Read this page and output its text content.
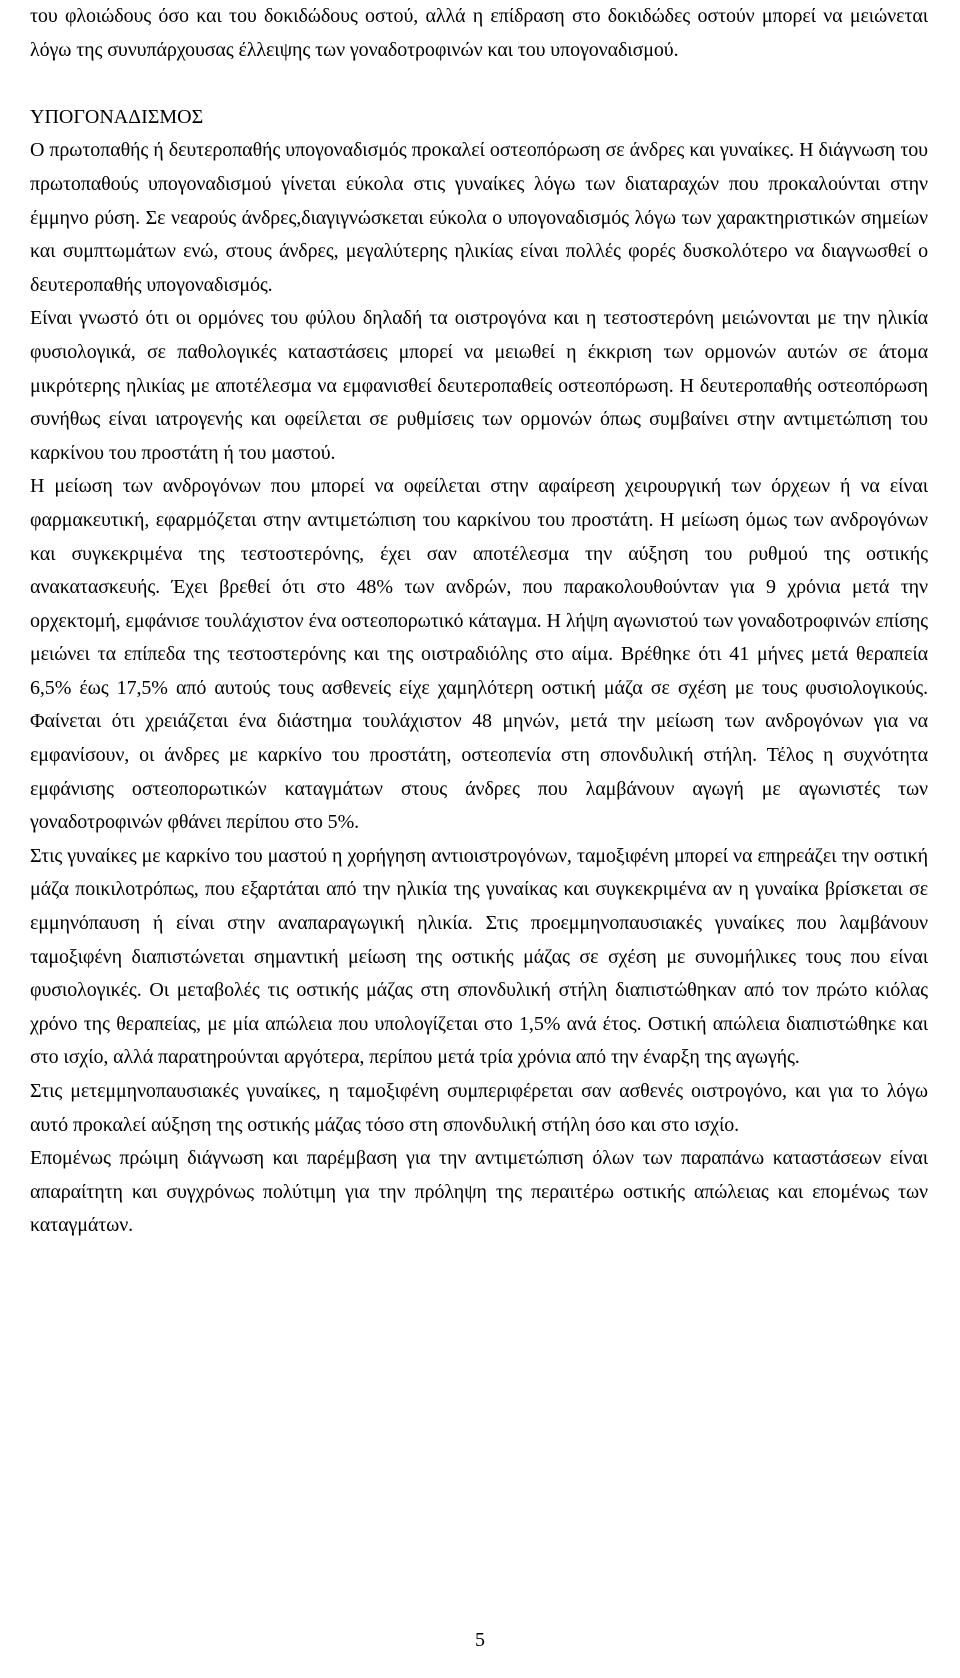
του φλοιώδους όσο και του δοκιδώδους οστού, αλλά η επίδραση στο δοκιδώδες οστούν μπορεί να μειώνεται λόγω της συνυπάρχουσας έλλειψης των γοναδοτροφινών και του υπογοναδισμού.

ΥΠΟΓΟΝΑΔΙΣΜΟΣ

Ο πρωτοπαθής ή δευτεροπαθής υπογοναδισμός προκαλεί οστεοπόρωση σε άνδρες και γυναίκες. Η διάγνωση του πρωτοπαθούς υπογοναδισμού γίνεται εύκολα στις γυναίκες λόγω των διαταραχών που προκαλούνται στην έμμηνο ρύση. Σε νεαρούς άνδρες,διαγιγνώσκεται εύκολα ο υπογοναδισμός λόγω των χαρακτηριστικών σημείων και συμπτωμάτων ενώ, στους άνδρες, μεγαλύτερης ηλικίας είναι πολλές φορές δυσκολότερο να διαγνωσθεί ο δευτεροπαθής υπογοναδισμός.

Είναι γνωστό ότι οι ορμόνες του φύλου δηλαδή τα οιστρογόνα και η τεστοστερόνη μειώνονται με την ηλικία φυσιολογικά, σε παθολογικές καταστάσεις μπορεί να μειωθεί η έκκριση των ορμονών αυτών σε άτομα μικρότερης ηλικίας με αποτέλεσμα να εμφανισθεί δευτεροπαθείς οστεοπόρωση. Η δευτεροπαθής οστεοπόρωση συνήθως είναι ιατρογενής και οφείλεται σε ρυθμίσεις των ορμονών όπως συμβαίνει στην αντιμετώπιση του καρκίνου του προστάτη ή του μαστού.

Η μείωση των ανδρογόνων που μπορεί να οφείλεται στην αφαίρεση χειρουργική των όρχεων ή να είναι φαρμακευτική, εφαρμόζεται στην αντιμετώπιση του καρκίνου του προστάτη. Η μείωση όμως των ανδρογόνων και συγκεκριμένα της τεστοστερόνης, έχει σαν αποτέλεσμα την αύξηση του ρυθμού της οστικής ανακατασκευής. Έχει βρεθεί ότι στο 48% των ανδρών, που παρακολουθούνταν για 9 χρόνια μετά την ορχεκτομή, εμφάνισε τουλάχιστον ένα οστεοπορωτικό κάταγμα. Η λήψη αγωνιστού των γοναδοτροφινών επίσης μειώνει τα επίπεδα της τεστοστερόνης και της οιστραδιόλης στο αίμα. Βρέθηκε ότι 41 μήνες μετά θεραπεία 6,5% έως 17,5% από αυτούς τους ασθενείς είχε χαμηλότερη οστική μάζα σε σχέση με τους φυσιολογικούς. Φαίνεται ότι χρειάζεται ένα διάστημα τουλάχιστον 48 μηνών, μετά την μείωση των ανδρογόνων για να εμφανίσουν, οι άνδρες με καρκίνο του προστάτη, οστεοπενία στη σπονδυλική στήλη. Τέλος η συχνότητα εμφάνισης οστεοπορωτικών καταγμάτων στους άνδρες που λαμβάνουν αγωγή με αγωνιστές των γοναδοτροφινών φθάνει περίπου στο 5%.

Στις γυναίκες με καρκίνο του μαστού η χορήγηση αντιοιστρογόνων, ταμοξιφένη μπορεί να επηρεάζει την οστική μάζα ποικιλοτρόπως, που εξαρτάται από την ηλικία της γυναίκας και συγκεκριμένα αν η γυναίκα βρίσκεται σε εμμηνόπαυση ή είναι στην αναπαραγωγική ηλικία. Στις προεμμηνοπαυσιακές γυναίκες που λαμβάνουν ταμοξιφένη διαπιστώνεται σημαντική μείωση της οστικής μάζας σε σχέση με συνομήλικες τους που είναι φυσιολογικές. Οι μεταβολές τις οστικής μάζας στη σπονδυλική στήλη διαπιστώθηκαν από τον πρώτο κιόλας χρόνο της θεραπείας, με μία απώλεια που υπολογίζεται στο 1,5% ανά έτος. Οστική απώλεια διαπιστώθηκε και στο ισχίο, αλλά παρατηρούνται αργότερα, περίπου μετά τρία χρόνια από την έναρξη της αγωγής.

Στις μετεμμηνοπαυσιακές γυναίκες, η ταμοξιφένη συμπεριφέρεται σαν ασθενές οιστρογόνο, και για το λόγω αυτό προκαλεί αύξηση της οστικής μάζας τόσο στη σπονδυλική στήλη όσο και στο ισχίο.

Επομένως πρώιμη διάγνωση και παρέμβαση για την αντιμετώπιση όλων των παραπάνω καταστάσεων είναι απαραίτητη και συγχρόνως πολύτιμη για την πρόληψη της περαιτέρω οστικής απώλειας και επομένως των καταγμάτων.

5
